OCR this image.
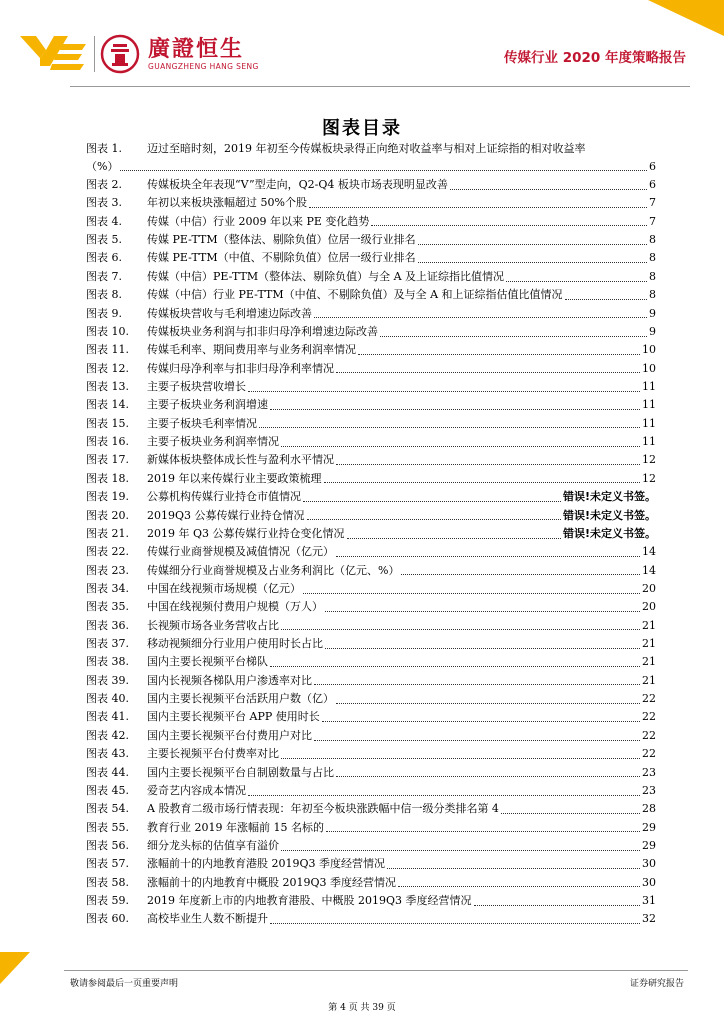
廣證恒生
GUANGZHENG HANG SENG
传媒行业 2020 年度策略报告
图表目录
图表 1.	迈过至暗时刻，2019 年初至今传媒板块录得正向绝对收益率与相对上证综指的相对收益率
（%）	6
图表 2.	传媒板块全年表现“V”型走向，Q2-Q4 板块市场表现明显改善	6
图表 3.	年初以来板块涨幅超过 50%个股	7
图表 4.	传媒（中信）行业 2009 年以来 PE 变化趋势	7
图表 5.	传媒 PE-TTM（整体法、剔除负值）位居一级行业排名	8
图表 6.	传媒 PE-TTM（中值、不剔除负值）位居一级行业排名	8
图表 7.	传媒（中信）PE-TTM（整体法、剔除负值）与全 A 及上证综指比值情况	8
图表 8.	传媒（中信）行业 PE-TTM（中值、不剔除负值）及与全 A 和上证综指估值比值情况	8
图表 9.	传媒板块营收与毛利增速边际改善	9
图表 10.	传媒板块业务利润与扣非归母净利增速边际改善	9
图表 11.	传媒毛利率、期间费用率与业务利润率情况	10
图表 12.	传媒归母净利率与扣非归母净利率情况	10
图表 13.	主要子板块营收增长	11
图表 14.	主要子板块业务利润增速	11
图表 15.	主要子板块毛利率情况	11
图表 16.	主要子板块业务利润率情况	11
图表 17.	新媒体板块整体成长性与盈利水平情况	12
图表 18.	2019 年以来传媒行业主要政策梳理	12
图表 19.	公募机构传媒行业持仓市值情况	错误!未定义书签。
图表 20.	2019Q3 公募传媒行业持仓情况	错误!未定义书签。
图表 21.	2019 年 Q3 公募传媒行业持仓变化情况	错误!未定义书签。
图表 22.	传媒行业商誉规模及减值情况（亿元）	14
图表 23.	传媒细分行业商誉规模及占业务利润比（亿元、%）	14
图表 34.	中国在线视频市场规模（亿元）	20
图表 35.	中国在线视频付费用户规模（万人）	20
图表 36.	长视频市场各业务营收占比	21
图表 37.	移动视频细分行业用户使用时长占比	21
图表 38.	国内主要长视频平台梯队	21
图表 39.	国内长视频各梯队用户渗透率对比	21
图表 40.	国内主要长视频平台活跃用户数（亿）	22
图表 41.	国内主要长视频平台 APP 使用时长	22
图表 42.	国内主要长视频平台付费用户对比	22
图表 43.	主要长视频平台付费率对比	22
图表 44.	国内主要长视频平台自制剧数量与占比	23
图表 45.	爱奇艺内容成本情况	23
图表 54.	A 股教育二级市场行情表现：年初至今板块涨跌幅中信一级分类排名第 4	28
图表 55.	教育行业 2019 年涨幅前 15 名标的	29
图表 56.	细分龙头标的估值享有溢价	29
图表 57.	涨幅前十的内地教育港股 2019Q3 季度经营情况	30
图表 58.	涨幅前十的内地教育中概股 2019Q3 季度经营情况	30
图表 59.	2019 年度新上市的内地教育港股、中概股 2019Q3 季度经营情况	31
图表 60.	高校毕业生人数不断提升	32
敬请参阅最后一页重要声明	证券研究报告
第 4 页 共 39 页
